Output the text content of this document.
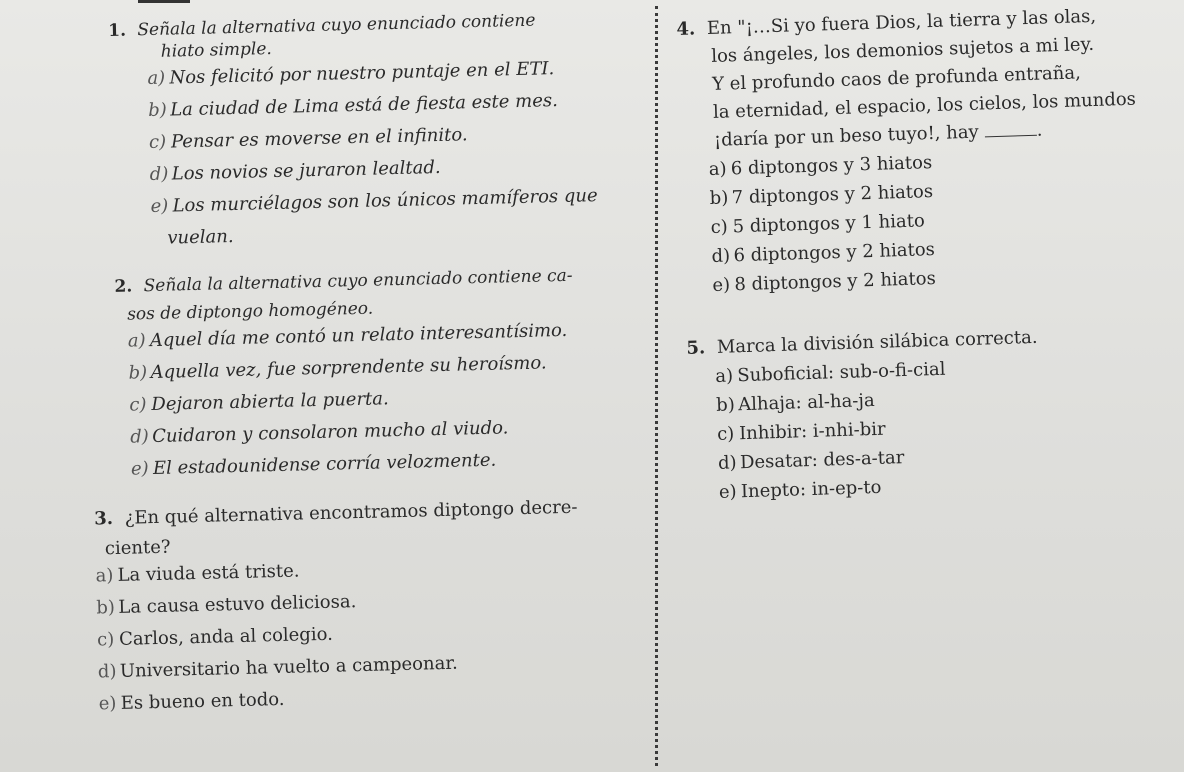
1. Señala la alternativa cuyo enunciado contiene
hiato simple.
a) Nos felicitó por nuestro puntaje en el ETI.
b) La ciudad de Lima está de fiesta este mes.
c) Pensar es moverse en el infinito.
d) Los novios se juraron lealtad.
e) Los murciélagos son los únicos mamíferos que
vuelan.
2. Señala la alternativa cuyo enunciado contiene ca-
sos de diptongo homogéneo.
a) Aquel día me contó un relato interesantísimo.
b) Aquella vez, fue sorprendente su heroísmo.
c) Dejaron abierta la puerta.
d) Cuidaron y consolaron mucho al viudo.
e) El estadounidense corría velozmente.
3. ¿En qué alternativa encontramos diptongo decre-
ciente?
a) La viuda está triste.
b) La causa estuvo deliciosa.
c) Carlos, anda al colegio.
d) Universitario ha vuelto a campeonar.
e) Es bueno en todo.
4. En "¡…Si yo fuera Dios, la tierra y las olas,
los ángeles, los demonios sujetos a mi ley.
Y el profundo caos de profunda entraña,
la eternidad, el espacio, los cielos, los mundos
¡daría por un beso tuyo!, hay	.
a) 6 diptongos y 3 hiatos
b) 7 diptongos y 2 hiatos
c) 5 diptongos y 1 hiato
d) 6 diptongos y 2 hiatos
e) 8 diptongos y 2 hiatos
5. Marca la división silábica correcta.
a) Suboficial: sub-o-fi-cial
b) Alhaja: al-ha-ja
c) Inhibir: i-nhi-bir
d) Desatar: des-a-tar
e) Inepto: in-ep-to
